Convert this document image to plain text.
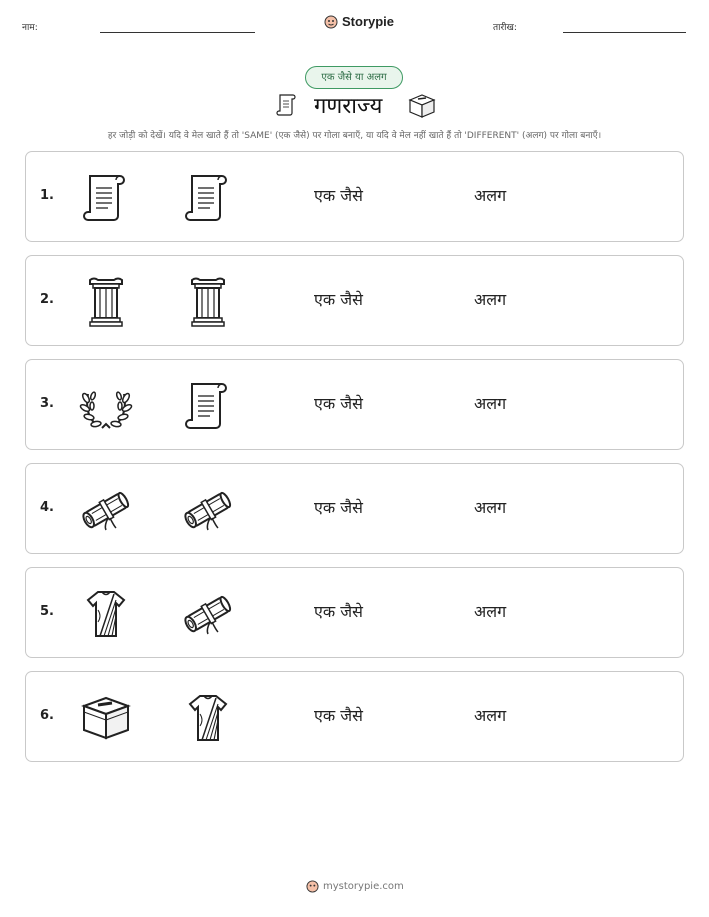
नाम:	Storypie	तारीख:
एक जैसे या अलग
गणराज्य
हर जोड़ी को देखें। यदि वे मेल खाते हैं तो 'SAME' (एक जैसे) पर गोला बनाएँ, या यदि वे मेल नहीं खाते हैं तो 'DIFFERENT' (अलग) पर गोला बनाएँ।
1.	एक जैसे	अलग
2.	एक जैसे	अलग
3.	एक जैसे	अलग
4.	एक जैसे	अलग
5.	एक जैसे	अलग
6.	एक जैसे	अलग
mystorypie.com
